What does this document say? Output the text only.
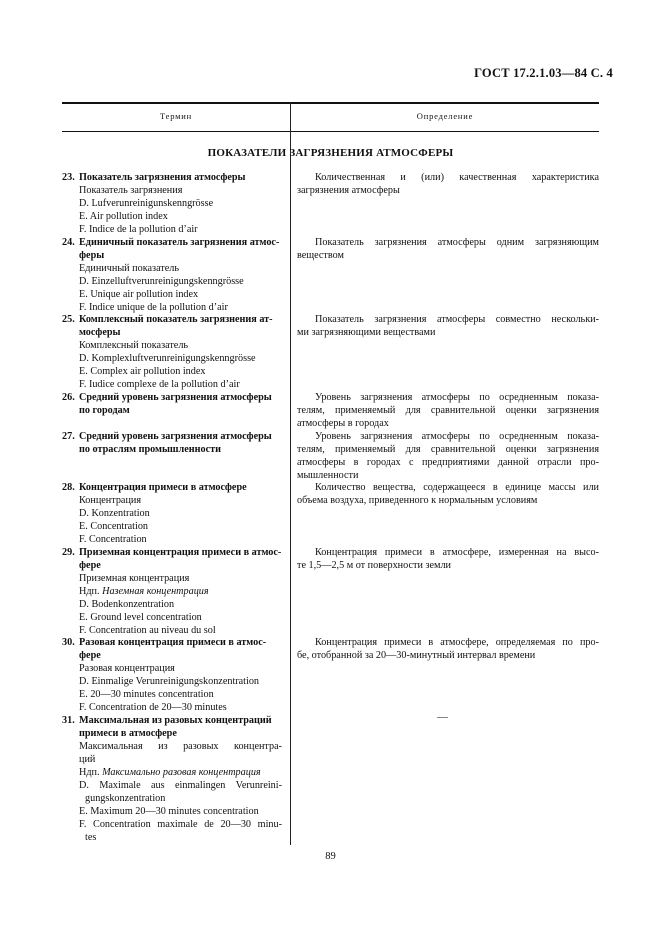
ГОСТ 17.2.1.03—84 С. 4
Термин	Определение
ПОКАЗАТЕЛИ ЗАГРЯЗНЕНИЯ АТМОСФЕРЫ
23. Показатель загрязнения атмосферы
Показатель загрязнения
D. Lufverunreinigunskenngrösse
E. Air pollution index
F. Indice de la pollution d’air
Количественная и (или) качественная характеристика
загрязнения атмосферы
24. Единичный показатель загрязнения атмос-
феры
Единичный показатель
D. Einzelluftverunreinigungskenngrösse
E. Unique air pollution index
F. Indice unique de la pollution d’air
Показатель загрязнения атмосферы одним загрязняющим
веществом
25. Комплексный показатель загрязнения ат-
мосферы
Комплексный показатель
D. Komplexluftverunreinigungskenngrösse
E. Complex air pollution index
F. Iudice complexe de la pollution d’air
Показатель загрязнения атмосферы совместно нескольки-
ми загрязняющими веществами
26. Средний уровень загрязнения атмосферы
по городам
Уровень загрязнения атмосферы по осредненным показа-
телям, применяемый для сравнительной оценки загрязнения
атмосферы в городах
27. Средний уровень загрязнения атмосферы
по отраслям промышленности
Уровень загрязнения атмосферы по осредненным показа-
телям, применяемый для сравнительной оценки загрязнения
атмосферы в городах с предприятиями данной отрасли про-
мышленности
28. Концентрация примеси в атмосфере
Концентрация
D. Konzentration
E. Concentration
F. Concentration
Количество вещества, содержащееся в единице массы или
объема воздуха, приведенного к нормальным условиям
29. Приземная концентрация примеси в атмос-
фере
Приземная концентрация
Ндп. Наземная концентрация
D. Bodenkonzentration
E. Ground level concentration
F. Concentration au niveau du sol
Концентрация примеси в атмосфере, измеренная на высо-
те 1,5—2,5 м от поверхности земли
30. Разовая концентрация примеси в атмос-
фере
Разовая концентрация
D. Einmalige Verunreinigungskonzentration
E. 20—30 minutes concentration
F. Concentration de 20—30 minutes
Концентрация примеси в атмосфере, определяемая по про-
бе, отобранной за 20—30-минутный интервал времени
31. Максимальная из разовых концентраций
примеси в атмосфере
Максимальная из разовых концентра-
ций
Ндп. Максимально разовая концентрация
D. Maximale aus einmalingen Verunreini-
gungskonzentration
E. Maximum 20—30 minutes concentration
F. Concentration maximale de 20—30 minu-
tes
—
89
